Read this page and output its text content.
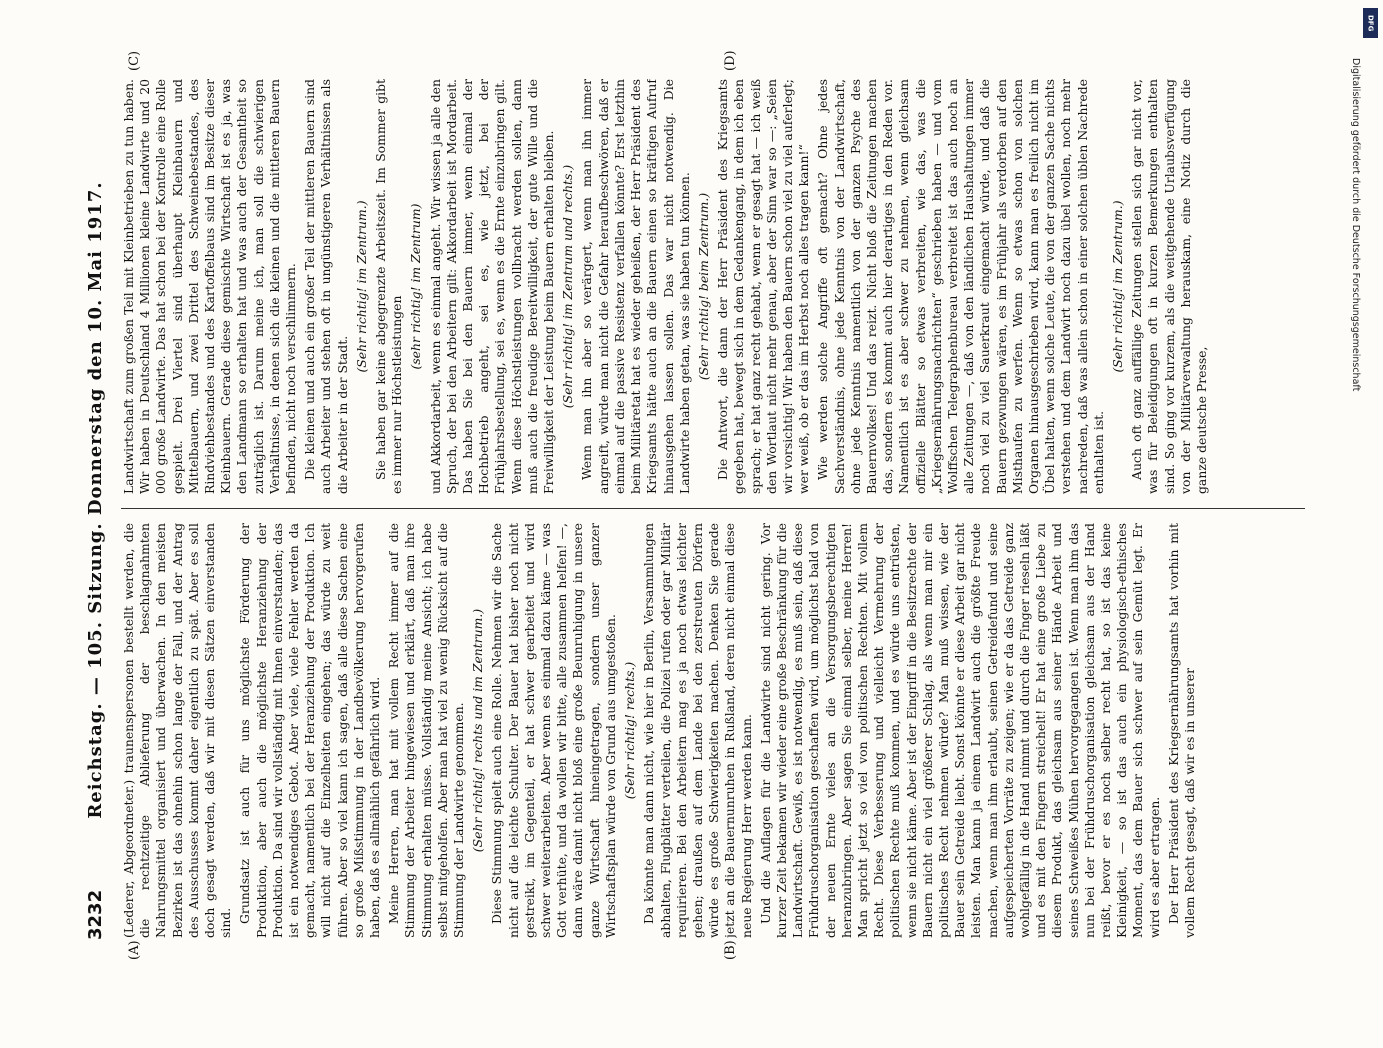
3232
Reichstag. — 105. Sitzung. Donnerstag den 10. Mai 1917.
(A)	(B)
(C)	(D)

(Lederer, Abgeordneter.) traunenspersonen bestellt werden, die die rechtzeitige Ablieferung der beschlagnahmten Nahrungsmittel organisiert und überwachen. In den meisten Bezirken ist das ohnehin schon lange der Fall, und der Antrag des Ausschusses kommt daher eigentlich zu spät. Aber es soll doch gesagt werden, daß wir mit diesen Sätzen einverstanden sind. Grundsatz ist auch für uns möglichste Förderung der Produktion, aber auch die möglichste Heranziehung der Produktion. Da sind wir vollständig mit Ihnen einverstanden; das ist ein notwendiges Gebot. Aber viele, viele Fehler werden da gemacht, namentlich bei der Heranziehung der Produktion. Ich will nicht auf die Einzelheiten eingehen; das würde zu weit führen. Aber so viel kann ich sagen, daß alle diese Sachen eine so große Mißstimmung in der Landbevölkerung hervorgerufen haben, daß es allmählich gefährlich wird. Meine Herren, man hat mit vollem Recht immer auf die Stimmung der Arbeiter hingewiesen und erklärt, daß man ihre Stimmung erhalten müsse. Vollständig meine Ansicht; ich habe selbst mitgeholfen. Aber man hat viel zu wenig Rücksicht auf die Stimmung der Landwirte genommen. (Sehr richtig! rechts und im Zentrum.) Diese Stimmung spielt auch eine Rolle. Nehmen wir die Sache nicht auf die leichte Schulter. Der Bauer hat bisher noch nicht gestreikt, im Gegenteil, er hat schwer gearbeitet und wird schwer weiterarbeiten. Aber wenn es einmal dazu käme — was Gott verhüte, und da wollen wir bitte, alle zusammen helfen! —, dann wäre damit nicht bloß eine große Beunruhigung in unsere ganze Wirtschaft hineingetragen, sondern unser ganzer Wirtschaftsplan würde von Grund aus umgestoßen. (Sehr richtig! rechts.) Da könnte man dann nicht, wie hier in Berlin, Versammlungen abhalten, Flugblätter verteilen, die Polizei rufen oder gar Militär requirieren. Bei den Arbeitern mag es ja noch etwas leichter gehen; draußen auf dem Lande bei den zerstreuten Dörfern würde es große Schwierigkeiten machen. Denken Sie gerade jetzt an die Bauernunruhen in Rußland, deren nicht einmal diese neue Regierung Herr werden kann. Und die Auflagen für die Landwirte sind nicht gering. Vor kurzer Zeit bekamen wir wieder eine große Beschränkung für die Landwirtschaft. Gewiß, es ist notwendig, es muß sein, daß diese Frühdruschorganisation geschaffen wird, um möglichst bald von der neuen Ernte vieles an die Versorgungsberechtigten heranzubringen. Aber sagen Sie einmal selber, meine Herren! Man spricht jetzt so viel von politischen Rechten. Mit vollem Recht. Diese Verbesserung und vielleicht Vermehrung der politischen Rechte muß kommen, und es würde uns entrüsten, wenn sie nicht käme. Aber ist der Eingriff in die Besitzrechte der Bauern nicht ein viel größerer Schlag, als wenn man mir ein politisches Recht nehmen würde? Man muß wissen, wie der Bauer sein Getreide liebt. Sonst könnte er diese Arbeit gar nicht leisten. Man kann ja einem Landwirt auch die größte Freude machen, wenn man ihm erlaubt, seinen Getreidefund und seine aufgespeicherten Vorräte zu zeigen; wie er da das Getreide ganz wohlgefällig in die Hand nimmt und durch die Finger rieseln läßt und es mit den Fingern streichelt! Er hat eine große Liebe zu diesem Produkt, das gleichsam aus seiner Hände Arbeit und seines Schweißes Mühen hervorgegangen ist. Wenn man ihm das nun bei der Frühdruschorganisation gleichsam aus der Hand reißt, bevor er es noch selber recht hat, so ist das keine Kleinigkeit, — so ist das auch ein physiologisch-ethisches Moment, das dem Bauer sich schwer auf sein Gemüt legt. Er wird es aber ertragen. Der Herr Präsident des Kriegsernährungsamts hat vorhin mit vollem Recht gesagt, daß wir es in unserer

Landwirtschaft zum großen Teil mit Kleinbetrieben zu tun haben. Wir haben in Deutschland 4 Millionen kleine Landwirte und 20 000 große Landwirte. Das hat schon bei der Kontrolle eine Rolle gespielt. Drei Viertel sind überhaupt Kleinbauern und Mittelbauern, und zwei Drittel des Schweinebestandes, des Rindviehbestandes und des Kartoffelbaus sind im Besitze dieser Kleinbauern. Gerade diese gemischte Wirtschaft ist es ja, was den Landmann so erhalten hat und was auch der Gesamtheit so zuträglich ist. Darum meine ich, man soll die schwierigen Verhältnisse, in denen sich die kleinen und die mittleren Bauern befinden, nicht noch verschlimmern. Die kleinen und auch ein großer Teil der mittleren Bauern sind auch Arbeiter und stehen oft in ungünstigeren Verhältnissen als die Arbeiter in der Stadt.

(Sehr richtig! im Zentrum.) Sie haben gar keine abgegrenzte Arbeitszeit. Im Sommer gibt es immer nur Höchstleistungen

(sehr richtig! im Zentrum) und Akkordarbeit, wenn es einmal angeht. Wir wissen ja alle den Spruch, der bei den Arbeitern gilt: Akkordarbeit ist Mordarbeit. Das haben Sie bei den Bauern immer, wenn einmal der Hochbetrieb angeht, sei es, wie jetzt, bei der Frühjahrsbestellung, sei es, wenn es die Ernte einzubringen gilt. Wenn diese Höchstleistungen vollbracht werden sollen, dann muß auch die freudige Bereitwilligkeit, der gute Wille und die Freiwilligkeit der Leistung beim Bauern erhalten bleiben. (Sehr richtig! im Zentrum und rechts.) Wenn man ihn aber so verärgert, wenn man ihn immer angreift, würde man nicht die Gefahr heraufbeschwören, daß er einmal auf die passive Resistenz verfallen könnte? Erst letzthin beim Militäretat hat es wieder geheißen, der Herr Präsident des Kriegsamts hätte auch an die Bauern einen so kräftigen Aufruf hinausgehen lassen sollen. Das war nicht notwendig. Die Landwirte haben getan, was sie haben tun können. (Sehr richtig! beim Zentrum.) Die Antwort, die dann der Herr Präsident des Kriegsamts gegeben hat, bewegt sich in dem Gedankengang, in dem ich eben sprach; er hat ganz recht gehabt, wenn er gesagt hat — ich weiß den Wortlaut nicht mehr genau, aber der Sinn war so —: „Seien wir vorsichtig! Wir haben den Bauern schon viel zu viel auferlegt; wer weiß, ob er das im Herbst noch alles tragen kann!“ Wie werden solche Angriffe oft gemacht? Ohne jedes Sachverständnis, ohne jede Kenntnis von der Landwirtschaft, ohne jede Kenntnis namentlich von der ganzen Psyche des Bauernvolkes! Und das reizt. Nicht bloß die Zeitungen machen das, sondern es kommt auch hier derartiges in den Reden vor. Namentlich ist es aber schwer zu nehmen, wenn gleichsam offizielle Blätter so etwas verbreiten, wie das, was die „Kriegsernährungsnachrichten“ geschrieben haben — und vom Wolffschen Telegraphenbureau verbreitet ist das auch noch an alle Zeitungen —, daß von den ländlichen Haushaltungen immer noch viel zu viel Sauerkraut eingemacht würde, und daß die Bauern gezwungen wären, es im Frühjahr als verdorben auf den Misthaufen zu werfen. Wenn so etwas schon von solchen Organen hinausgeschrieben wird, kann man es freilich nicht im Übel halten, wenn solche Leute, die von der ganzen Sache nichts verstehen und dem Landwirt noch dazu übel wollen, noch mehr nachreden, daß was allein schon in einer solchen üblen Nachrede enthalten ist.

(Sehr richtig! im Zentrum.) Auch oft ganz auffällige Zeitungen stellen sich gar nicht vor, was für Beleidigungen oft in kurzen Bemerkungen enthalten sind. So ging vor kurzem, als die weitgehende Urlaubsverfügung von der Militärverwaltung herauskam, eine Notiz durch die ganze deutsche Presse,

DFG
Digitalisierung gefördert durch die Deutsche Forschungsgemeinschaft
